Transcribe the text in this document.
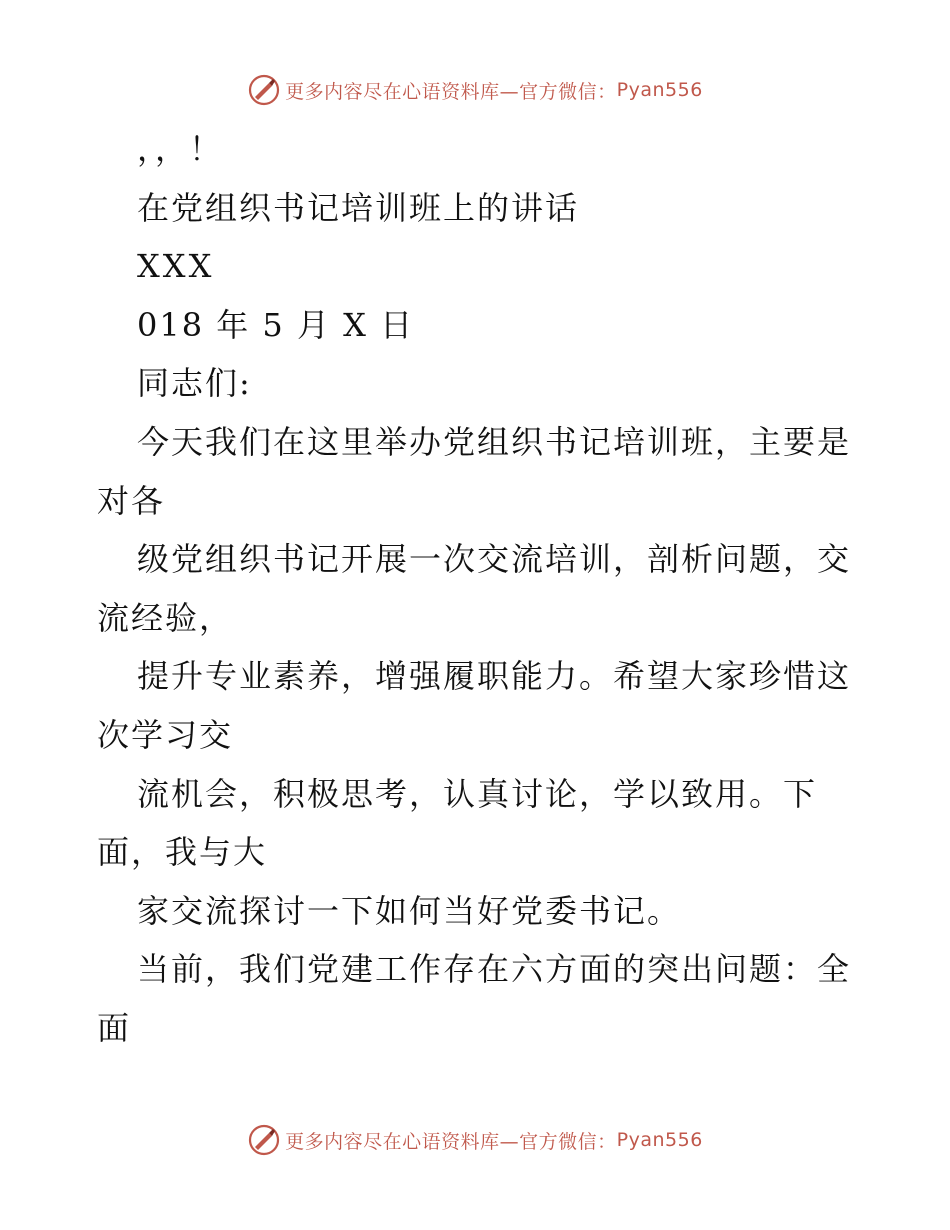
更多内容尽在心语资料库—官方微信： Pyan556
，，！
在党组织书记培训班上的讲话
XXX
018 年 5 月 X 日
同志们:
今天我们在这里举办党组织书记培训班，主要是
对各
级党组织书记开展一次交流培训，剖析问题，交
流经验，
提升专业素养，增强履职能力。希望大家珍惜这
次学习交
流机会，积极思考，认真讨论，学以致用。下
面，我与大
家交流探讨一下如何当好党委书记。
当前，我们党建工作存在六方面的突出问题：全
面
更多内容尽在心语资料库—官方微信： Pyan556
